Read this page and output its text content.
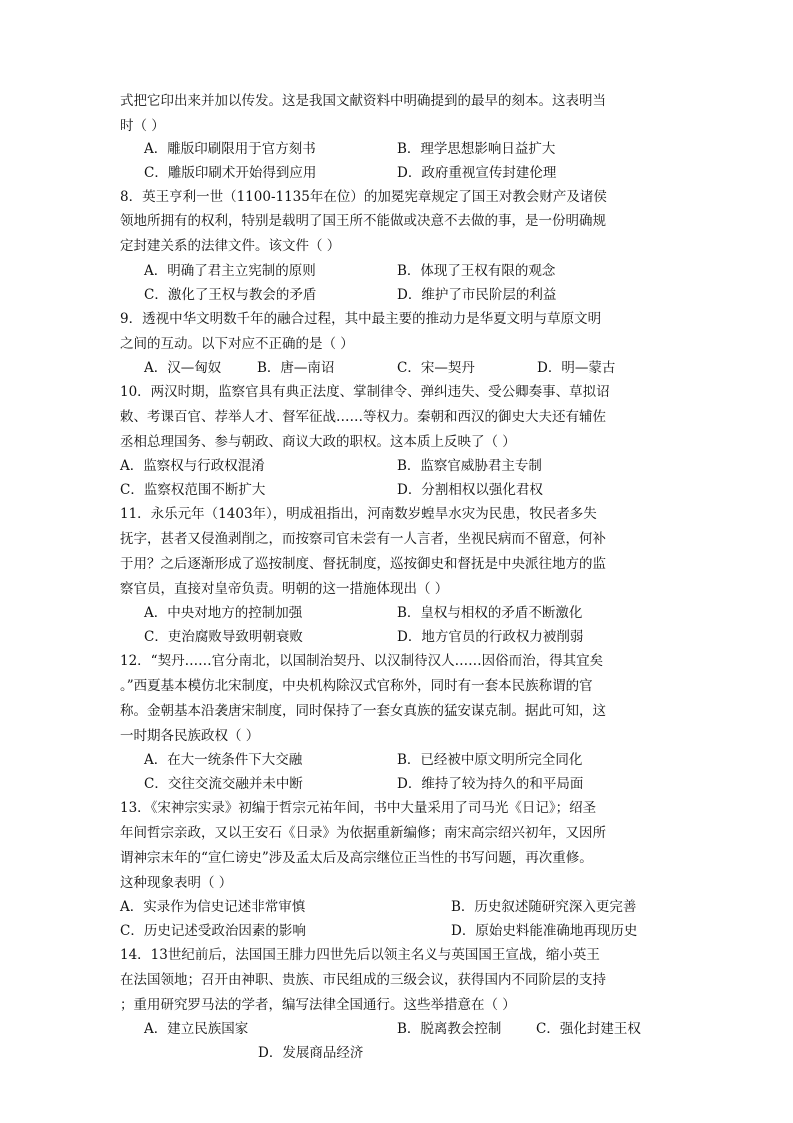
式把它印出来并加以传发。这是我国文献资料中明确提到的最早的刻本。这表明当
时（ ）
A．雕版印刷限用于官方刻书	B．理学思想影响日益扩大
C．雕版印刷术开始得到应用	D．政府重视宣传封建伦理
8．英王亨利一世（1100-1135年在位）的加冕宪章规定了国王对教会财产及诸侯
领地所拥有的权利，特别是载明了国王所不能做或决意不去做的事，是一份明确规
定封建关系的法律文件。该文件（ ）
A．明确了君主立宪制的原则	B．体现了王权有限的观念
C．激化了王权与教会的矛盾	D．维护了市民阶层的利益
9．透视中华文明数千年的融合过程，其中最主要的推动力是华夏文明与草原文明
之间的互动。以下对应不正确的是（ ）
A．汉—匈奴	B．唐—南诏	C．宋—契丹	D．明—蒙古
10．两汉时期，监察官具有典正法度、掌制律令、弹纠违失、受公卿奏事、草拟诏
敕、考课百官、荐举人才、督军征战……等权力。秦朝和西汉的御史大夫还有辅佐
丞相总理国务、参与朝政、商议大政的职权。这本质上反映了（ ）
A．监察权与行政权混淆	B．监察官威胁君主专制
C．监察权范围不断扩大	D．分割相权以强化君权
11．永乐元年（1403年），明成祖指出，河南数岁蝗旱水灾为民患，牧民者多失
抚字，甚者又侵渔剥削之，而按察司官未尝有一人言者，坐视民病而不留意，何补
于用？之后逐渐形成了巡按制度、督抚制度，巡按御史和督抚是中央派往地方的监
察官员，直接对皇帝负责。明朝的这一措施体现出（ ）
A．中央对地方的控制加强	B．皇权与相权的矛盾不断激化
C．吏治腐败导致明朝衰败	D．地方官员的行政权力被削弱
12．“契丹……官分南北，以国制治契丹、以汉制待汉人……因俗而治，得其宜矣
。”西夏基本模仿北宋制度，中央机构除汉式官称外，同时有一套本民族称谓的官
称。金朝基本沿袭唐宋制度，同时保持了一套女真族的猛安谋克制。据此可知，这
一时期各民族政权（ ）
A．在大一统条件下大交融	B．已经被中原文明所完全同化
C．交往交流交融并未中断	D．维持了较为持久的和平局面
13．《宋神宗实录》初编于哲宗元祐年间，书中大量采用了司马光《日记》；绍圣
年间哲宗亲政，又以王安石《日录》为依据重新编修；南宋高宗绍兴初年，又因所
谓神宗末年的“宣仁谤史”涉及孟太后及高宗继位正当性的书写问题，再次重修。
这种现象表明（ ）
A．实录作为信史记述非常审慎	B．历史叙述随研究深入更完善
C．历史记述受政治因素的影响	D．原始史料能准确地再现历史
14．13世纪前后，法国国王腓力四世先后以领主名义与英国国王宣战，缩小英王
在法国领地；召开由神职、贵族、市民组成的三级会议，获得国内不同阶层的支持
；重用研究罗马法的学者，编写法律全国通行。这些举措意在（ ）
A．建立民族国家	B．脱离教会控制	C．强化封建王权
D．发展商品经济
